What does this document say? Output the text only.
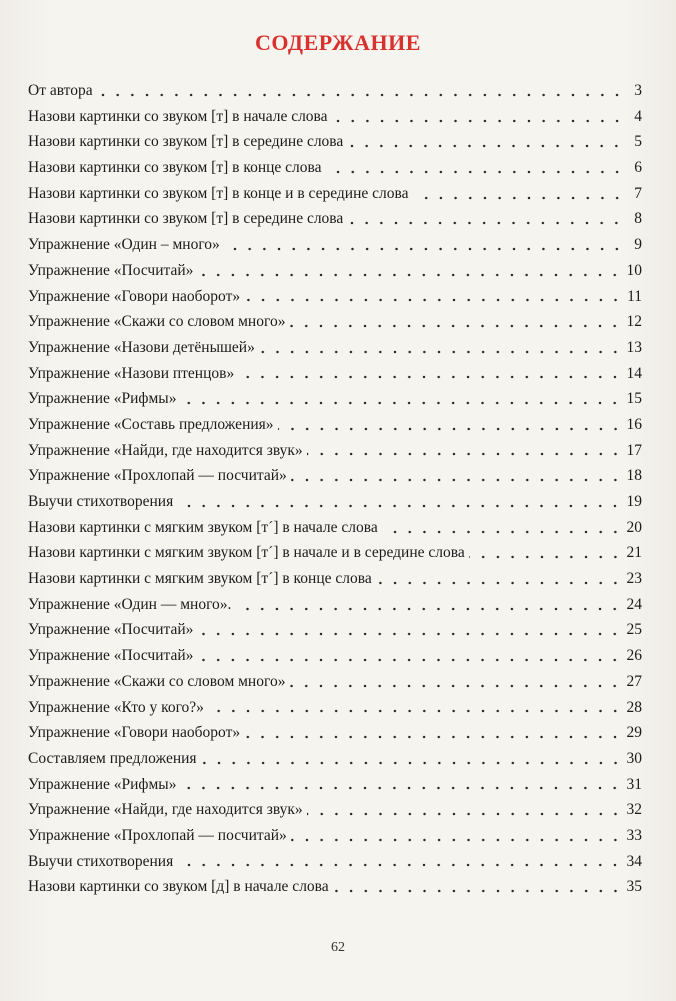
СОДЕРЖАНИЕ
От автора	3
Назови картинки со звуком [т] в начале слова	4
Назови картинки со звуком [т] в середине слова	5
Назови картинки со звуком [т] в конце слова	6
Назови картинки со звуком [т] в конце и в середине слова	7
Назови картинки со звуком [т] в середине слова	8
Упражнение «Один – много»	9
Упражнение «Посчитай»	10
Упражнение «Говори наоборот»	11
Упражнение «Скажи со словом много»	12
Упражнение «Назови детёнышей»	13
Упражнение «Назови птенцов»	14
Упражнение «Рифмы»	15
Упражнение «Составь предложения»	16
Упражнение «Найди, где находится звук»	17
Упражнение «Прохлопай — посчитай»	18
Выучи стихотворения	19
Назови картинки с мягким звуком [т´] в начале слова	20
Назови картинки с мягким звуком [т´] в начале и в середине слова	21
Назови картинки с мягким звуком [т´] в конце слова	23
Упражнение «Один — много».	24
Упражнение «Посчитай»	25
Упражнение «Посчитай»	26
Упражнение «Скажи со словом много»	27
Упражнение «Кто у кого?»	28
Упражнение «Говори наоборот»	29
Составляем предложения	30
Упражнение «Рифмы»	31
Упражнение «Найди, где находится звук»	32
Упражнение «Прохлопай — посчитай»	33
Выучи стихотворения	34
Назови картинки со звуком [д] в начале слова	35
62
